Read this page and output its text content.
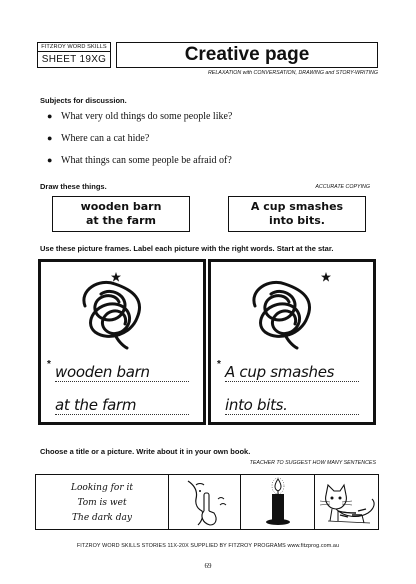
FITZROY WORD SKILLS
SHEET 19XG	Creative page
RELAXATION with CONVERSATION, DRAWING and STORY-WRITING
Subjects for discussion.
● What very old things do some people like?
● Where can a cat hide?
● What things can some people be afraid of?
Draw these things.	ACCURATE COPYING
wooden barn
at the farm
A cup smashes
into bits.
Use these picture frames. Label each picture with the right words. Start at the star.
* wooden barn
at the farm
* A cup smashes
into bits.
Choose a title or a picture. Write about it in your own book.
TEACHER TO SUGGEST HOW MANY SENTENCES
Looking for it
Tom is wet
The dark day
FITZROY WORD SKILLS STORIES 11X-20X SUPPLIED BY FITZROY PROGRAMS www.fitzprog.com.au
69
